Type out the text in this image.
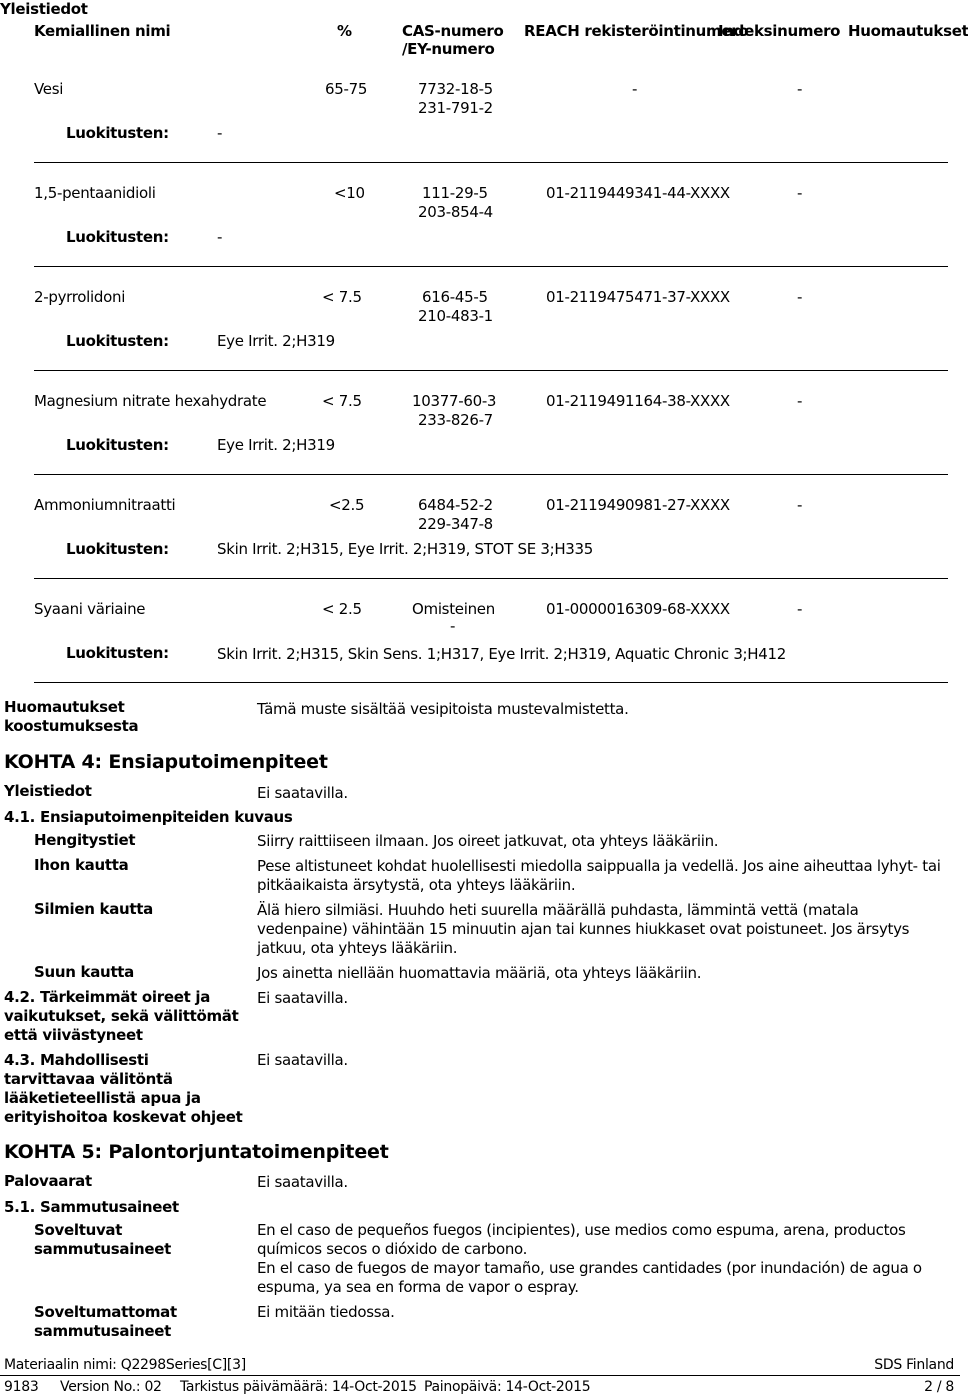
Yleistiedot
Kemiallinen nimi	%	CAS-numero
/EY-numero
REACH rekisteröintinumero
Indeksinumero Huomautukset
Vesi	65-75	7732-18-5
231-791-2
-	-
Luokitusten:	-
1,5-pentaanidioli	<10	111-29-5
203-854-4
01-2119449341-44-XXXX	-
Luokitusten:	-
2-pyrrolidoni	< 7.5	616-45-5
210-483-1
01-2119475471-37-XXXX	-
Luokitusten:	Eye Irrit. 2;H319
Magnesium nitrate hexahydrate	< 7.5	10377-60-3
233-826-7
01-2119491164-38-XXXX	-
Luokitusten:	Eye Irrit. 2;H319
Ammoniumnitraatti	<2.5	6484-52-2
229-347-8
01-2119490981-27-XXXX	-
Luokitusten:	Skin Irrit. 2;H315, Eye Irrit. 2;H319, STOT SE 3;H335
Syaani väriaine	< 2.5	Omisteinen
-
01-0000016309-68-XXXX	-
Luokitusten:	Skin Irrit. 2;H315, Skin Sens. 1;H317, Eye Irrit. 2;H319, Aquatic Chronic 3;H412
Huomautukset
koostumuksesta
Tämä muste sisältää vesipitoista mustevalmistetta.
KOHTA 4: Ensiaputoimenpiteet
Yleistiedot	Ei saatavilla.
4.1. Ensiaputoimenpiteiden kuvaus
Hengitystiet	Siirry raittiiseen ilmaan. Jos oireet jatkuvat, ota yhteys lääkäriin.
Ihon kautta	Pese altistuneet kohdat huolellisesti miedolla saippualla ja vedellä. Jos aine aiheuttaa lyhyt- tai pitkäaikaista ärsytystä, ota yhteys lääkäriin.
Silmien kautta	Älä hiero silmiäsi. Huuhdo heti suurella määrällä puhdasta, lämmintä vettä (matala vedenpaine) vähintään 15 minuutin ajan tai kunnes hiukkaset ovat poistuneet. Jos ärsytys jatkuu, ota yhteys lääkäriin.
Suun kautta	Jos ainetta niellään huomattavia määriä, ota yhteys lääkäriin.
4.2. Tärkeimmät oireet ja vaikutukset, sekä välittömät että viivästyneet
Ei saatavilla.
4.3. Mahdollisesti tarvittavaa välitöntä lääketieteellistä apua ja erityishoitoa koskevat ohjeet
Ei saatavilla.
KOHTA 5: Palontorjuntatoimenpiteet
Palovaarat	Ei saatavilla.
5.1. Sammutusaineet
Soveltuvat
sammutusaineet
En el caso de pequeños fuegos (incipientes), use medios como espuma, arena, productos químicos secos o dióxido de carbono.
En el caso de fuegos de mayor tamaño, use grandes cantidades (por inundación) de agua o espuma, ya sea en forma de vapor o espray.
Soveltumattomat
sammutusaineet
Ei mitään tiedossa.
Materiaalin nimi: Q2298Series[C][3]	SDS Finland
9183 Version No.: 02 Tarkistus päivämäärä: 14-Oct-2015 Painopäivä: 14-Oct-2015	2 / 8
